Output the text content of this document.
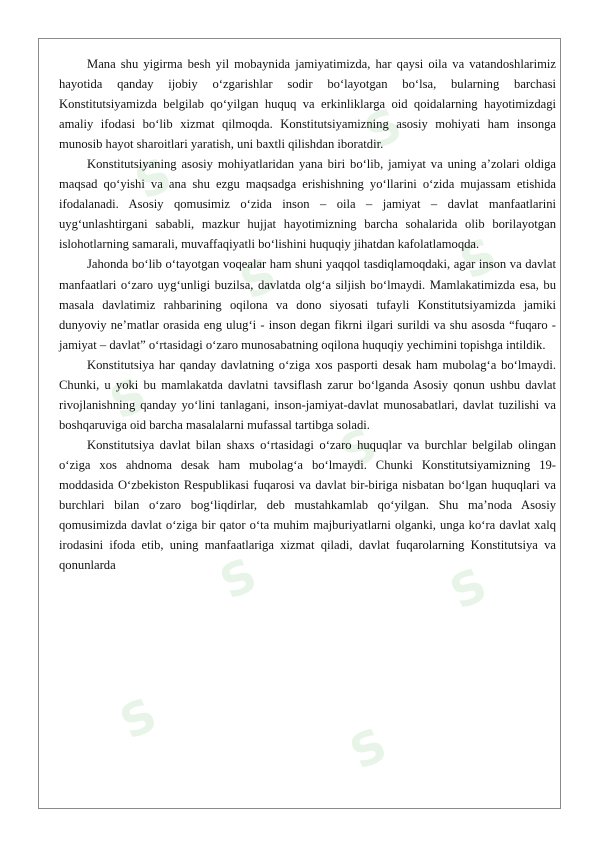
S
S
S	S
S
S
S	S
S	S

Mana shu yigirma besh yil mobaynida jamiyatimizda, har qaysi oila va vatandoshlarimiz hayotida qanday ijobiy o‘zgarishlar sodir bo‘layotgan bo‘lsa, bularning barchasi Konstitutsiyamizda belgilab qo‘yilgan huquq va erkinliklarga oid qoidalarning hayotimizdagi amaliy ifodasi bo‘lib xizmat qilmoqda. Konstitutsiyamizning asosiy mohiyati ham insonga munosib hayot sharoitlari yaratish, uni baxtli qilishdan iboratdir.

Konstitutsiyaning asosiy mohiyatlaridan yana biri bo‘lib, jamiyat va uning a’zolari oldiga maqsad qo‘yishi va ana shu ezgu maqsadga erishishning yo‘llarini o‘zida mujassam etishida ifodalanadi. Asosiy qomusimiz o‘zida inson – oila – jamiyat – davlat manfaatlarini uyg‘unlashtirgani sababli, mazkur hujjat hayotimizning barcha sohalarida olib borilayotgan islohotlarning samarali, muvaffaqiyatli bo‘lishini huquqiy jihatdan kafolatlamoqda.

Jahonda bo‘lib o‘tayotgan voqealar ham shuni yaqqol tasdiqlamoqdaki, agar inson va davlat manfaatlari o‘zaro uyg‘unligi buzilsa, davlatda olg‘a siljish bo‘lmaydi. Mamlakatimizda esa, bu masala davlatimiz rahbarining oqilona va dono siyosati tufayli Konstitutsiyamizda jamiki dunyoviy ne’matlar orasida eng ulug‘i - inson degan fikrni ilgari surildi va shu asosda “fuqaro - jamiyat – davlat” o‘rtasidagi o‘zaro munosabatning oqilona huquqiy yechimini topishga intildik.

Konstitutsiya har qanday davlatning o‘ziga xos pasporti desak ham mubolag‘a bo‘lmaydi. Chunki, u yoki bu mamlakatda davlatni tavsiflash zarur bo‘lganda Asosiy qonun ushbu davlat rivojlanishning qanday yo‘lini tanlagani, inson-jamiyat-davlat munosabatlari, davlat tuzilishi va boshqaruviga oid barcha masalalarni mufassal tartibga soladi.

Konstitutsiya davlat bilan shaxs o‘rtasidagi o‘zaro huquqlar va burchlar belgilab olingan o‘ziga xos ahdnoma desak ham mubolag‘a bo‘lmaydi. Chunki Konstitutsiyamizning 19-moddasida O‘zbekiston Respublikasi fuqarosi va davlat bir-biriga nisbatan bo‘lgan huquqlari va burchlari bilan o‘zaro bog‘liqdirlar, deb mustahkamlab qo‘yilgan. Shu ma’noda Asosiy qomusimizda davlat o‘ziga bir qator o‘ta muhim majburiyatlarni olganki, unga ko‘ra davlat xalq irodasini ifoda etib, uning manfaatlariga xizmat qiladi, davlat fuqarolarning Konstitutsiya va qonunlarda
